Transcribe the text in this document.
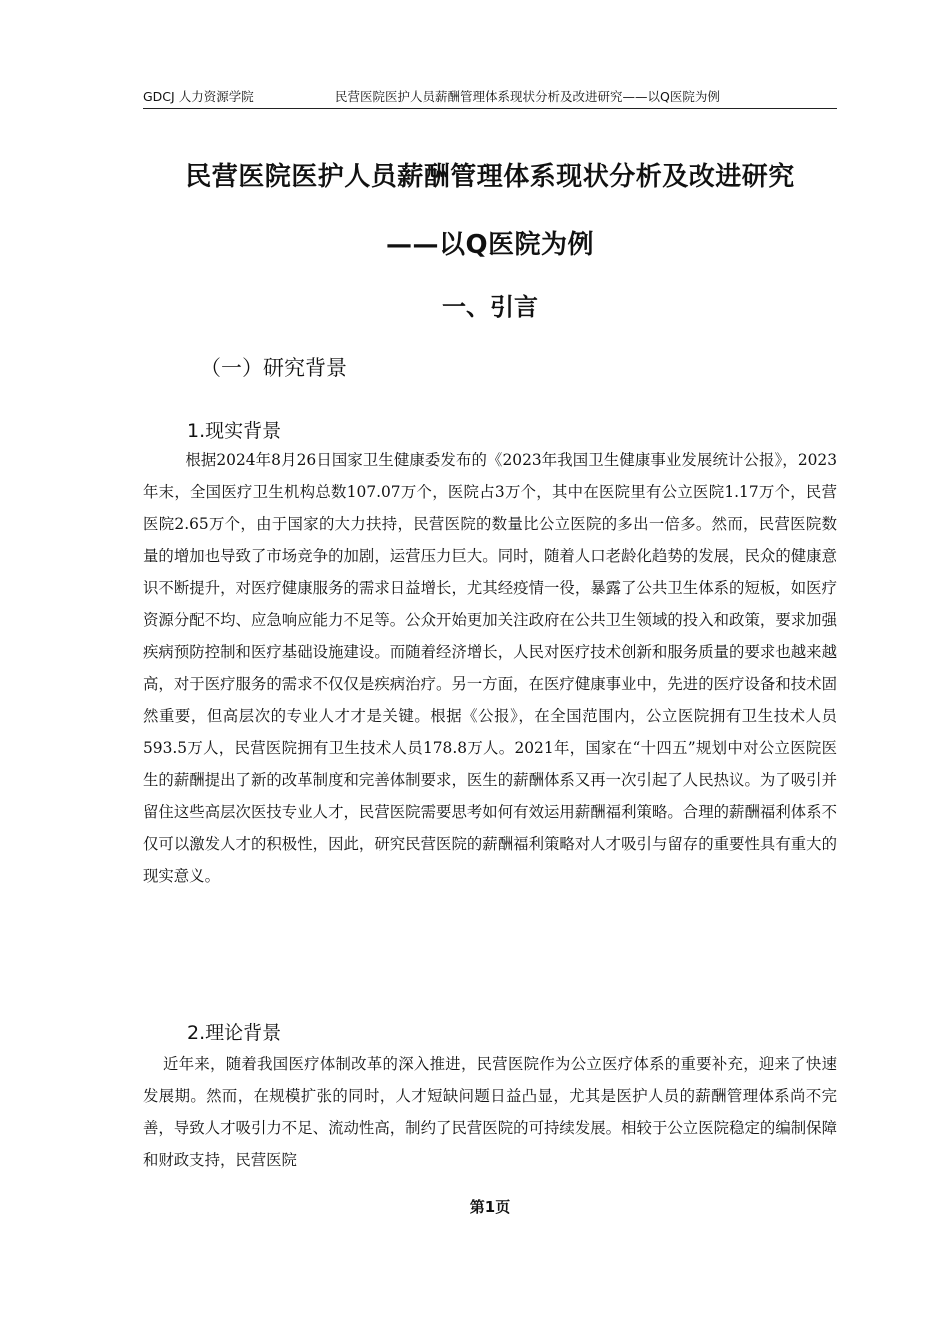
GDCJ 人力资源学院	民营医院医护人员薪酬管理体系现状分析及改进研究——以Q医院为例
民营医院医护人员薪酬管理体系现状分析及改进研究
——以Q医院为例
一、引言
（一）研究背景
1.现实背景

根据2024年8月26日国家卫生健康委发布的《2023年我国卫生健康事业发展统计公报》，2023年末，全国医疗卫生机构总数107.07万个，医院占3万个，其中在医院里有公立医院1.17万个，民营医院2.65万个，由于国家的大力扶持，民营医院的数量比公立医院的多出一倍多。然而，民营医院数量的增加也导致了市场竞争的加剧，运营压力巨大。同时，随着人口老龄化趋势的发展，民众的健康意识不断提升，对医疗健康服务的需求日益增长，尤其经疫情一役，暴露了公共卫生体系的短板，如医疗资源分配不均、应急响应能力不足等。公众开始更加关注政府在公共卫生领域的投入和政策，要求加强疾病预防控制和医疗基础设施建设。而随着经济增长，人民对医疗技术创新和服务质量的要求也越来越高，对于医疗服务的需求不仅仅是疾病治疗。另一方面，在医疗健康事业中，先进的医疗设备和技术固然重要，但高层次的专业人才才是关键。根据《公报》，在全国范围内，公立医院拥有卫生技术人员593.5万人，民营医院拥有卫生技术人员178.8万人。2021年，国家在“十四五”规划中对公立医院医生的薪酬提出了新的改革制度和完善体制要求，医生的薪酬体系又再一次引起了人民热议。为了吸引并留住这些高层次医技专业人才，民营医院需要思考如何有效运用薪酬福利策略。合理的薪酬福利体系不仅可以激发人才的积极性，因此，研究民营医院的薪酬福利策略对人才吸引与留存的重要性具有重大的现实意义。

2.理论背景

近年来，随着我国医疗体制改革的深入推进，民营医院作为公立医疗体系的重要补充，迎来了快速发展期。然而，在规模扩张的同时，人才短缺问题日益凸显，尤其是医护人员的薪酬管理体系尚不完善，导致人才吸引力不足、流动性高，制约了民营医院的可持续发展。相较于公立医院稳定的编制保障和财政支持，民营医院

第1页
